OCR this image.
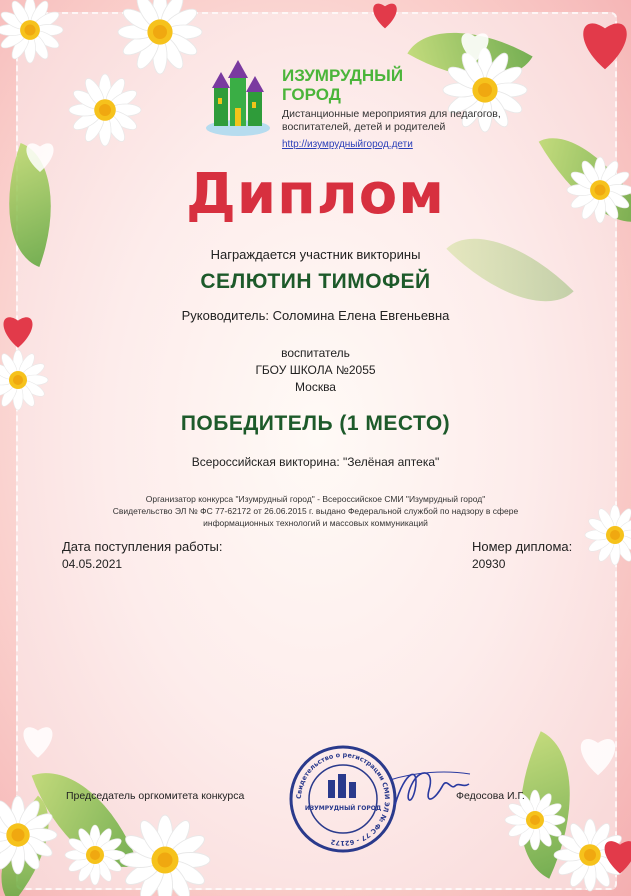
ИЗУМРУДНЫЙ
ГОРОД
Дистанционные мероприятия для педагогов,
воспитателей, детей и родителей
http://изумрудныйгород.дети
Диплом
Награждается участник викторины
СЕЛЮТИН ТИМОФЕЙ
Руководитель: Соломина Елена Евгеньевна
воспитатель
ГБОУ ШКОЛА №2055
Москва
ПОБЕДИТЕЛЬ (1 МЕСТО)
Всероссийская викторина: "Зелёная аптека"
Организатор конкурса "Изумрудный город" - Всероссийское СМИ "Изумрудный город"
Свидетельство ЭЛ № ФС 77-62172 от 26.06.2015 г. выдано Федеральной службой по надзору в сфере
информационных технологий и массовых коммуникаций
Дата поступления работы:
04.05.2021
Номер диплома:
20930
Свидетельство о регистрации СМИ ЭЛ № ФС 77 - 62172
ИЗУМРУДНЫЙ ГОРОД
Председатель оргкомитета конкурса	Федосова И.Г.
